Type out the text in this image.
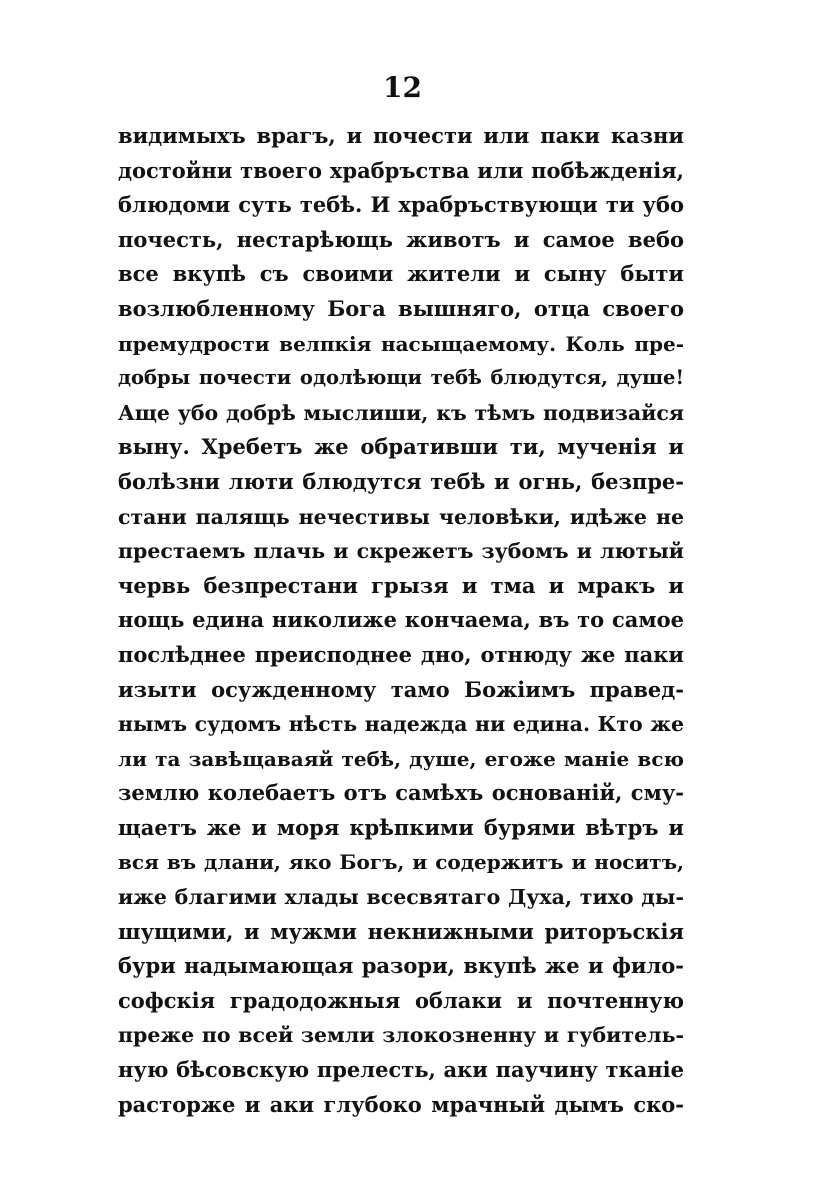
12
видимыхъ врагъ, и почести или паки казни
достойни твоего храбръства или побѣжденія,
блюдоми суть тебѣ. И храбръствующи ти убо
почесть, нестарѣющь животъ и самое вебо
все вкупѣ съ своими жители и сыну быти
возлюбленному Бога вышняго, отца своего
премудрости велпкія насыщаемому. Коль пре-
добры почести одолѣющи тебѣ блюдутся, душе!
Аще убо добрѣ мыслиши, къ тѣмъ подвизайся
выну. Хребетъ же обративши ти, мученія и
болѣзни люти блюдутся тебѣ и огнь, безпре-
стани палящь нечестивы человѣки, идѣже не
престаемъ плачь и скрежетъ зубомъ и лютый
червь безпрестани грызя и тма и мракъ и
нощь едина николиже кончаема, въ то самое
послѣднее преисподнее дно, отнюду же паки
изыти осужденному тамо Божіимъ правед-
нымъ судомъ нѣсть надежда ни едина. Кто же
ли та завѣщаваяй тебѣ, душе, егоже маніе всю
землю колебаетъ отъ самѣхъ основаній, сму-
щаетъ же и моря крѣпкими бурями вѣтръ и
вся въ длани, яко Богъ, и содержитъ и носитъ,
иже благими хлады всесвятаго Духа, тихо ды-
шущими, и мужми некнижными риторъскія
бури надымающая разори, вкупѣ же и фило-
софскія градодожныя облаки и почтенную
преже по всей земли злокозненну и губитель-
ную бѣсовскую прелесть, аки паучину тканіе
расторже и аки глубоко мрачный дымъ ско-
